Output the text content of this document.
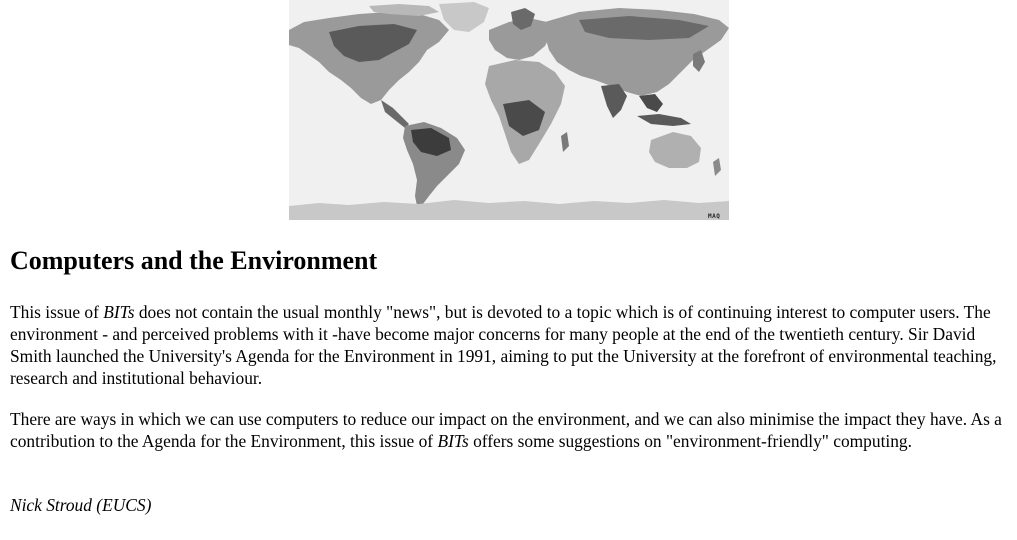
MAQ
Computers and the Environment

This issue of BITs does not contain the usual monthly "news", but is devoted to a topic which is of continuing interest to computer users. The environment - and perceived problems with it -have become major concerns for many people at the end of the twentieth century. Sir David Smith launched the University's Agenda for the Environment in 1991, aiming to put the University at the forefront of environmental teaching, research and institutional behaviour.

There are ways in which we can use computers to reduce our impact on the environment, and we can also minimise the impact they have. As a contribution to the Agenda for the Environment, this issue of BITs offers some suggestions on "environment-friendly" computing.

Nick Stroud (EUCS)
